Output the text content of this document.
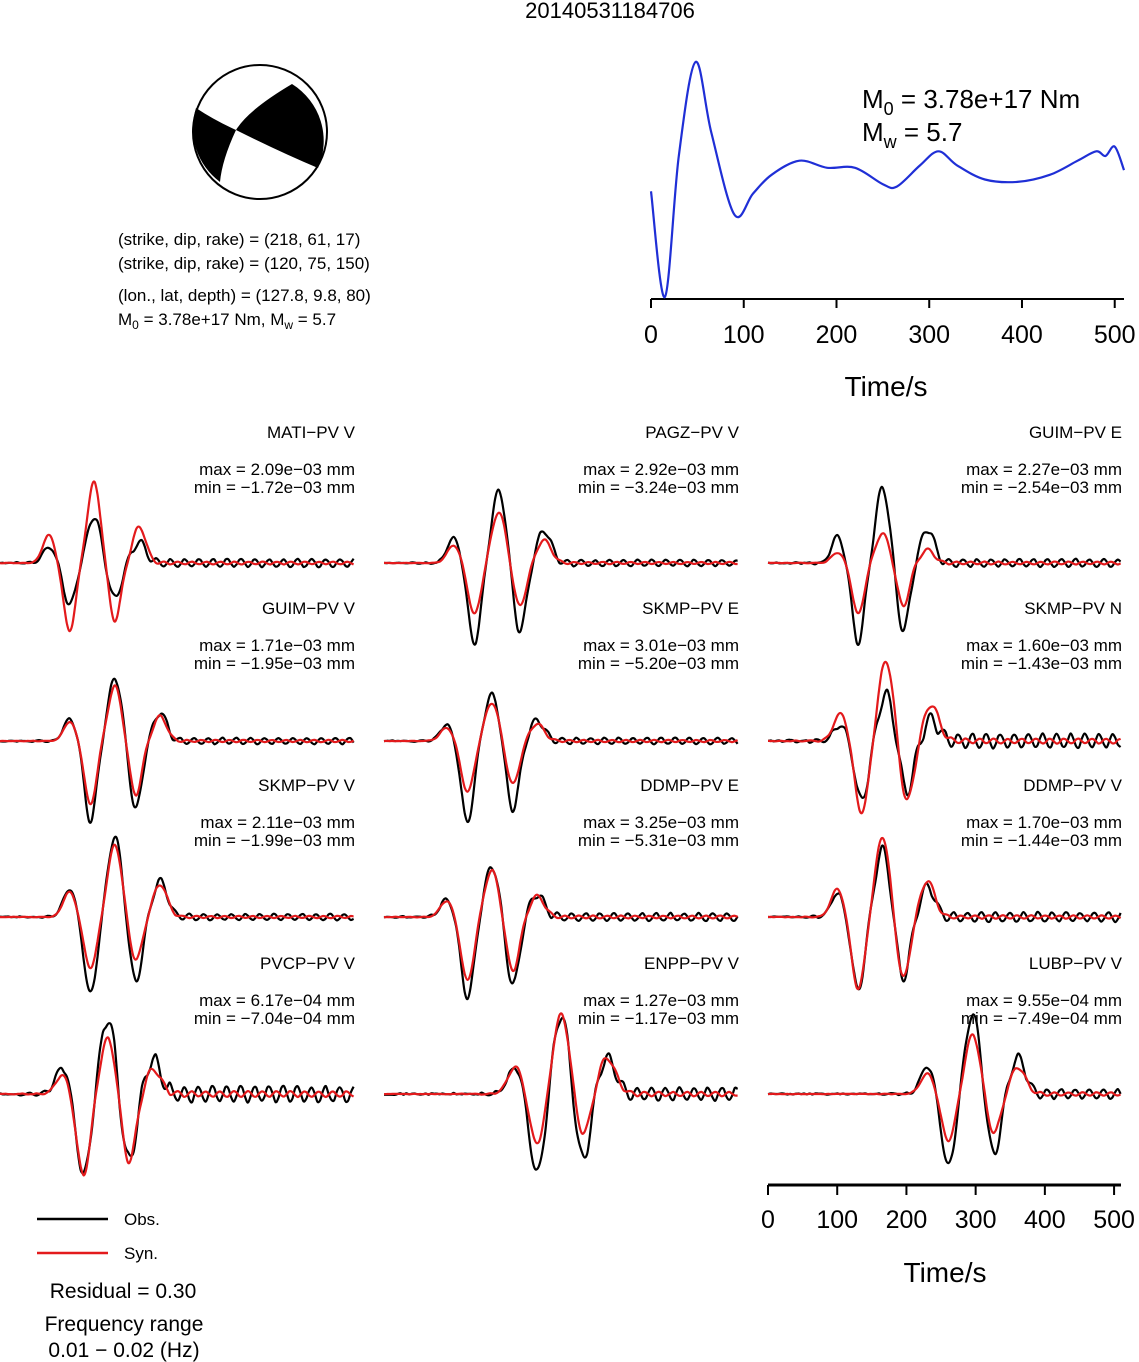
20140531184706
(strike, dip, rake) = (218, 61, 17)
(strike, dip, rake) = (120, 75, 150)
(lon., lat, depth) = (127.8, 9.8, 80)
$M_0 = 3.78e+17$ Nm, $M_w = 5.7$
$M_0 = 3.78e+17$ Nm
$M_w = 5.7$
0	100 200 300 400 500
Time/s
MATI−PV V
max = 2.09e−03 mm
min = −1.72e−03 mm
PAGZ−PV V
max = 2.92e−03 mm
min = −3.24e−03 mm
GUIM−PV E
max = 2.27e−03 mm
min = −2.54e−03 mm
GUIM−PV V
max = 1.71e−03 mm
min = −1.95e−03 mm
SKMP−PV E
max = 3.01e−03 mm
min = −5.20e−03 mm
SKMP−PV N
max = 1.60e−03 mm
min = −1.43e−03 mm
SKMP−PV V
max = 2.11e−03 mm
min = −1.99e−03 mm
DDMP−PV E
max = 3.25e−03 mm
min = −5.31e−03 mm
DDMP−PV V
max = 1.70e−03 mm
min = −1.44e−03 mm
PVCP−PV V
max = 6.17e−04 mm
min = −7.04e−04 mm
ENPP−PV V
max = 1.27e−03 mm
min = −1.17e−03 mm
LUBP−PV V
max = 9.55e−04 mm
min = −7.49e−04 mm
0 100 200 300 400 500
Time/s
Obs.
Syn.
Residual = 0.30
Frequency range
0.01 − 0.02 (Hz)
